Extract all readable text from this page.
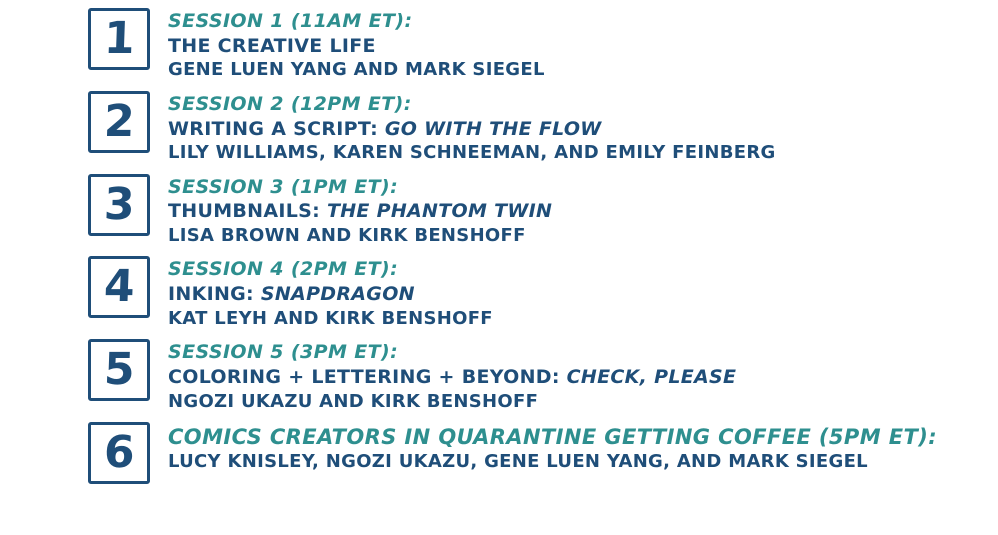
1 SESSION 1 (11AM ET):
THE CREATIVE LIFE
GENE LUEN YANG AND MARK SIEGEL
2 SESSION 2 (12PM ET):
WRITING A SCRIPT: GO WITH THE FLOW
LILY WILLIAMS, KAREN SCHNEEMAN, AND EMILY FEINBERG
3 SESSION 3 (1PM ET):
THUMBNAILS: THE PHANTOM TWIN
LISA BROWN AND KIRK BENSHOFF
4 SESSION 4 (2PM ET):
INKING: SNAPDRAGON
KAT LEYH AND KIRK BENSHOFF
5 SESSION 5 (3PM ET):
COLORING + LETTERING + BEYOND: CHECK, PLEASE
NGOZI UKAZU AND KIRK BENSHOFF
6 COMICS CREATORS IN QUARANTINE GETTING COFFEE (5PM ET):
LUCY KNISLEY, NGOZI UKAZU, GENE LUEN YANG, AND MARK SIEGEL
